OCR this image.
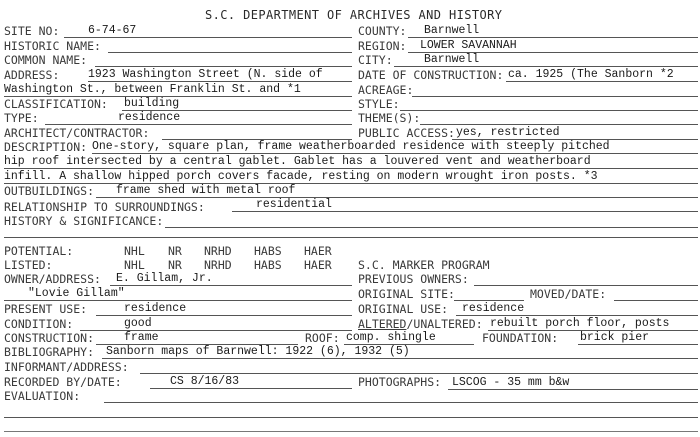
S.C. DEPARTMENT OF ARCHIVES AND HISTORY
SITE NO: 6-74-67
HISTORIC NAME:
COMMON NAME:
ADDRESS: 1923 Washington Street (N. side of
Washington St., between Franklin St. and *1
CLASSIFICATION: building
TYPE:	residence
ARCHITECT/CONTRACTOR:
COUNTY: Barnwell
REGION: LOWER SAVANNAH
CITY:	Barnwell
DATE OF CONSTRUCTION: ca. 1925 (The Sanborn *2
ACREAGE:
STYLE:
THEME(S):
PUBLIC ACCESS: yes, restricted
DESCRIPTION: One-story, square plan, frame weatherboarded residence with steeply pitched
hip roof intersected by a central gablet. Gablet has a louvered vent and weatherboard
infill. A shallow hipped porch covers facade, resting on modern wrought iron posts. *3
OUTBUILDINGS: frame shed with metal roof
RELATIONSHIP TO SURROUNDINGS:	residential
HISTORY & SIGNIFICANCE:
POTENTIAL:	NHL NR NRHD HABS HAER
LISTED:	NHL NR NRHD HABS HAER S.C. MARKER PROGRAM
OWNER/ADDRESS: E. Gillam, Jr.	PREVIOUS OWNERS:
"Lovie Gillam"	ORIGINAL SITE:	MOVED/DATE:
PRESENT USE:	residence	ORIGINAL USE: residence
CONDITION:	good	ALTERED/UNALTERED: rebuilt porch floor, posts
CONSTRUCTION:	frame	ROOF: comp. shingle	FOUNDATION: brick pier
BIBLIOGRAPHY: Sanborn maps of Barnwell: 1922 (6), 1932 (5)
INFORMANT/ADDRESS:
RECORDED BY/DATE:	CS 8/16/83	PHOTOGRAPHS: LSCOG - 35 mm b&w
EVALUATION:
